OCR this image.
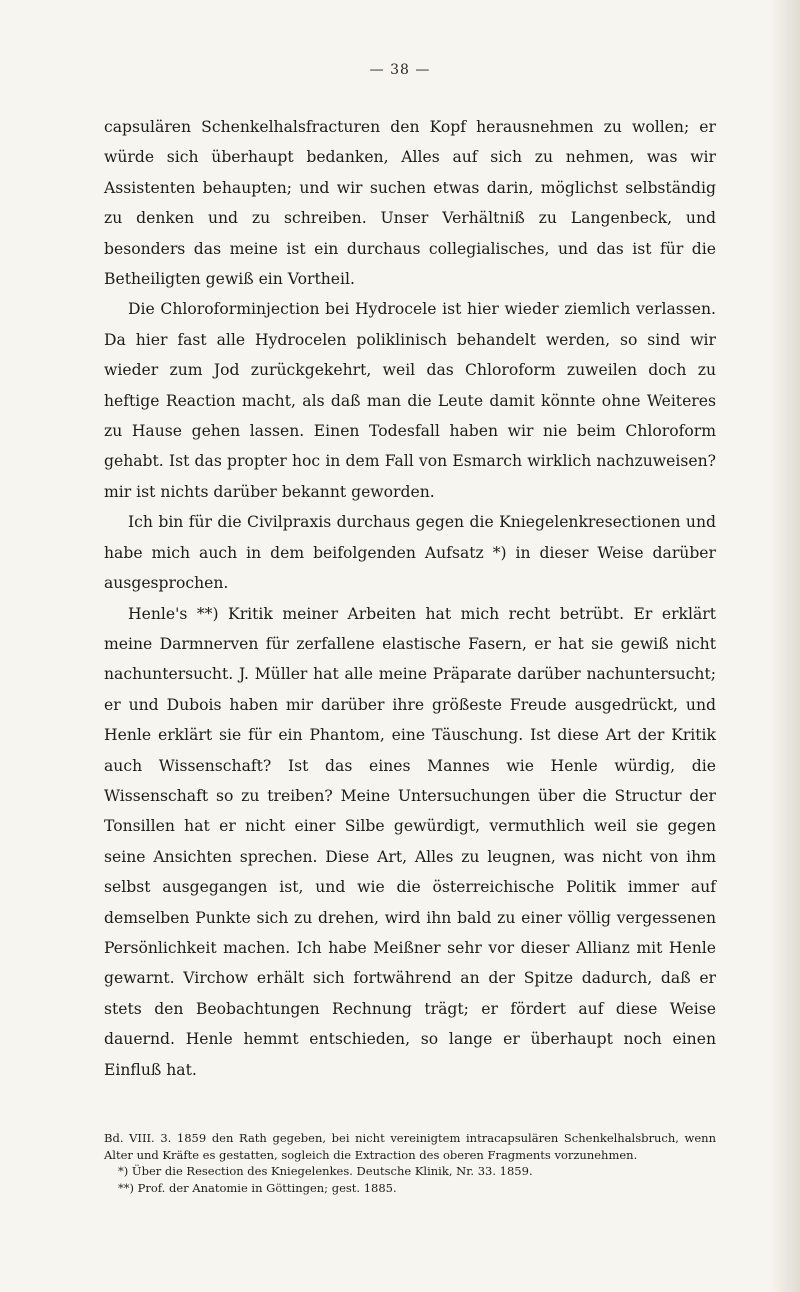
— 38 —

capsulären Schenkelhalsfracturen den Kopf herausnehmen zu wollen; er würde sich überhaupt bedanken, Alles auf sich zu nehmen, was wir Assistenten behaupten; und wir suchen etwas darin, möglichst selbständig zu denken und zu schreiben. Unser Verhältniß zu Langenbeck, und besonders das meine ist ein durchaus collegialisches, und das ist für die Betheiligten gewiß ein Vortheil.

Die Chloroforminjection bei Hydrocele ist hier wieder ziemlich verlassen. Da hier fast alle Hydrocelen poliklinisch behandelt werden, so sind wir wieder zum Jod zurückgekehrt, weil das Chloroform zuweilen doch zu heftige Reaction macht, als daß man die Leute damit könnte ohne Weiteres zu Hause gehen lassen. Einen Todesfall haben wir nie beim Chloroform gehabt. Ist das propter hoc in dem Fall von Esmarch wirklich nachzuweisen? mir ist nichts darüber bekannt geworden.

Ich bin für die Civilpraxis durchaus gegen die Kniegelenkresectionen und habe mich auch in dem beifolgenden Aufsatz *) in dieser Weise darüber ausgesprochen.

Henle's **) Kritik meiner Arbeiten hat mich recht betrübt. Er erklärt meine Darmnerven für zerfallene elastische Fasern, er hat sie gewiß nicht nachuntersucht. J. Müller hat alle meine Präparate darüber nachuntersucht; er und Dubois haben mir darüber ihre größeste Freude ausgedrückt, und Henle erklärt sie für ein Phantom, eine Täuschung. Ist diese Art der Kritik auch Wissenschaft? Ist das eines Mannes wie Henle würdig, die Wissenschaft so zu treiben? Meine Untersuchungen über die Structur der Tonsillen hat er nicht einer Silbe gewürdigt, vermuthlich weil sie gegen seine Ansichten sprechen. Diese Art, Alles zu leugnen, was nicht von ihm selbst ausgegangen ist, und wie die österreichische Politik immer auf demselben Punkte sich zu drehen, wird ihn bald zu einer völlig vergessenen Persönlichkeit machen. Ich habe Meißner sehr vor dieser Allianz mit Henle gewarnt. Virchow erhält sich fortwährend an der Spitze dadurch, daß er stets den Beobachtungen Rechnung trägt; er fördert auf diese Weise dauernd. Henle hemmt entschieden, so lange er überhaupt noch einen Einfluß hat.

Bd. VIII. 3. 1859 den Rath gegeben, bei nicht vereinigtem intracapsulären Schenkelhalsbruch, wenn Alter und Kräfte es gestatten, sogleich die Extraction des oberen Fragments vorzunehmen.

*) Über die Resection des Kniegelenkes. Deutsche Klinik, Nr. 33. 1859.

**) Prof. der Anatomie in Göttingen; gest. 1885.
